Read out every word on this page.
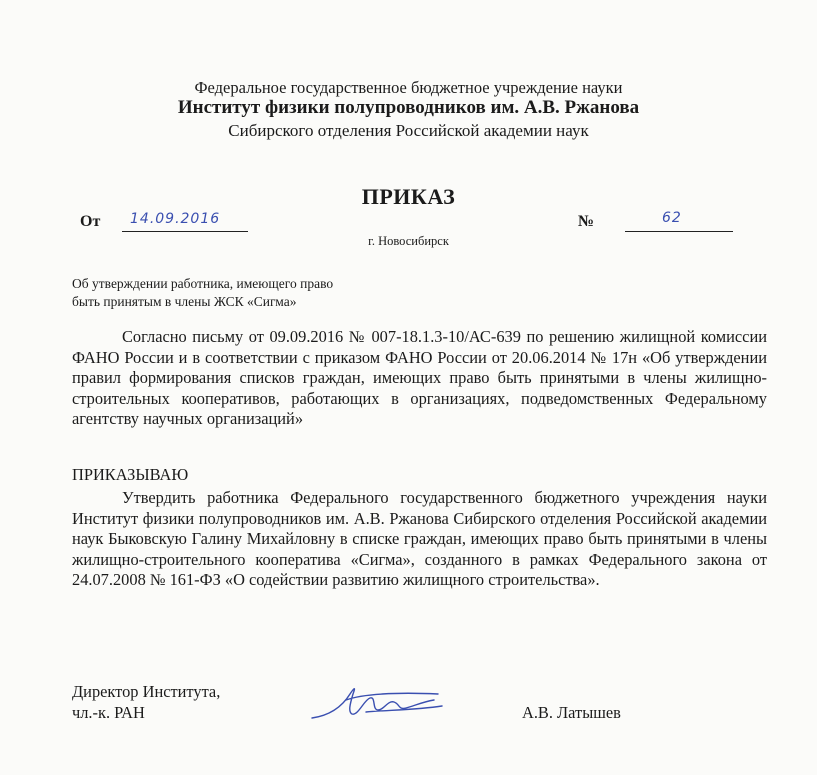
Федеральное государственное бюджетное учреждение науки
Институт физики полупроводников им. А.В. Ржанова
Сибирского отделения Российской академии наук
ПРИКАЗ
От 14.09.2016	№	62
г. Новосибирск
Об утверждении работника, имеющего право
быть принятым в члены ЖСК «Сигма»

Согласно письму от 09.09.2016 № 007-18.1.3-10/АС-639 по решению жилищной комиссии ФАНО России и в соответствии с приказом ФАНО России от 20.06.2014 № 17н «Об утверждении правил формирования списков граждан, имеющих право быть принятыми в члены жилищно-строительных кооперативов, работающих в организациях, подведомственных Федеральному агентству научных организаций»

ПРИКАЗЫВАЮ

Утвердить работника Федерального государственного бюджетного учреждения науки Институт физики полупроводников им. А.В. Ржанова Сибирского отделения Российской академии наук Быковскую Галину Михайловну в списке граждан, имеющих право быть принятыми в члены жилищно-строительного кооператива «Сигма», созданного в рамках Федерального закона от 24.07.2008 № 161-ФЗ «О содействии развитию жилищного строительства».

Директор Института,
чл.-к. РАН	А.В. Латышев
